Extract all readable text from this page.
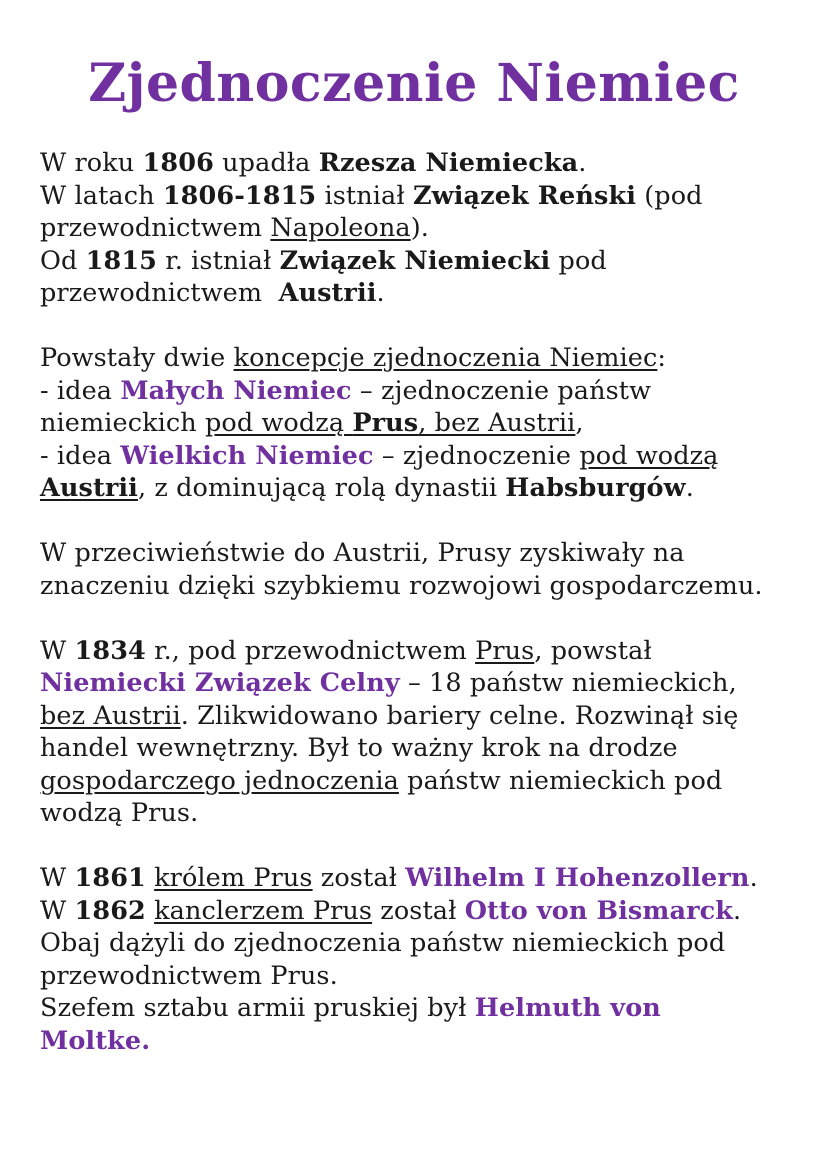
Zjednoczenie Niemiec
W roku 1806 upadła Rzesza Niemiecka.
W latach 1806-1815 istniał Związek Reński (pod
przewodnictwem Napoleona).
Od 1815 r. istniał Związek Niemiecki pod
przewodnictwem  Austrii.
Powstały dwie koncepcje zjednoczenia Niemiec:
- idea Małych Niemiec – zjednoczenie państw
niemieckich pod wodzą Prus, bez Austrii,
- idea Wielkich Niemiec – zjednoczenie pod wodzą
Austrii, z dominującą rolą dynastii Habsburgów.
W przeciwieństwie do Austrii, Prusy zyskiwały na
znaczeniu dzięki szybkiemu rozwojowi gospodarczemu.
W 1834 r., pod przewodnictwem Prus, powstał
Niemiecki Związek Celny – 18 państw niemieckich,
bez Austrii. Zlikwidowano bariery celne. Rozwinął się
handel wewnętrzny. Był to ważny krok na drodze
gospodarczego jednoczenia państw niemieckich pod
wodzą Prus.
W 1861 królem Prus został Wilhelm I Hohenzollern.
W 1862 kanclerzem Prus został Otto von Bismarck.
Obaj dążyli do zjednoczenia państw niemieckich pod
przewodnictwem Prus.
Szefem sztabu armii pruskiej był Helmuth von
Moltke.
